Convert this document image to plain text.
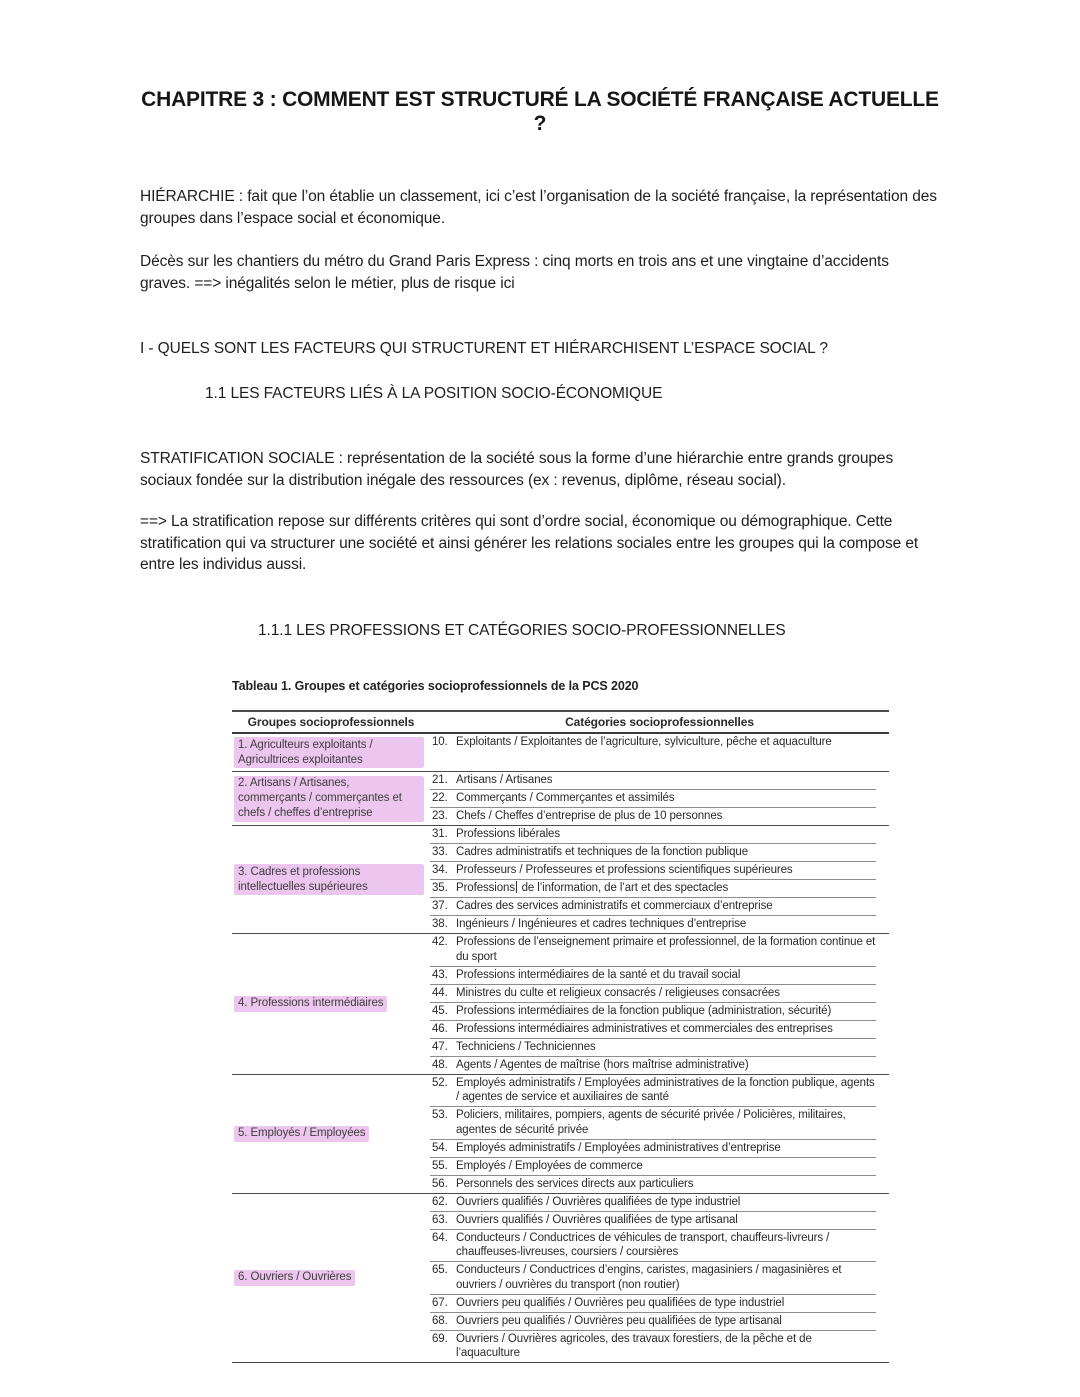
CHAPITRE 3 : COMMENT EST STRUCTURÉ LA SOCIÉTÉ FRANÇAISE ACTUELLE ?

HIÉRARCHIE : fait que l’on établie un classement, ici c’est l’organisation de la société française, la représentation des groupes dans l’espace social et économique.

Décès sur les chantiers du métro du Grand Paris Express : cinq morts en trois ans et une vingtaine d’accidents graves. ==> inégalités selon le métier, plus de risque ici

I - QUELS SONT LES FACTEURS QUI STRUCTURENT ET HIÉRARCHISENT L’ESPACE SOCIAL ?

1.1 LES FACTEURS LIÉS À LA POSITION SOCIO-ÉCONOMIQUE

STRATIFICATION SOCIALE : représentation de la société sous la forme d’une hiérarchie entre grands groupes sociaux fondée sur la distribution inégale des ressources (ex : revenus, diplôme, réseau social).

==> La stratification repose sur différents critères qui sont d’ordre social, économique ou démographique. Cette stratification qui va structurer une société et ainsi générer les relations sociales entre les groupes qui la compose et entre les individus aussi.

1.1.1 LES PROFESSIONS ET CATÉGORIES SOCIO-PROFESSIONNELLES

Tableau 1. Groupes et catégories socioprofessionnels de la PCS 2020

Groupes socioprofessionnels	Catégories socioprofessionnelles
1. Agriculteurs exploitants / Agricultrices exploitantes
10. Exploitants / Exploitantes de l’agriculture, sylviculture, pêche et aquaculture
2. Artisans / Artisanes, commerçants / commerçantes et chefs / cheffes d’entreprise
21. Artisans / Artisanes
22. Commerçants / Commerçantes et assimilés
23. Chefs / Cheffes d’entreprise de plus de 10 personnes
3. Cadres et professions intellectuelles supérieures
31. Professions libérales
33. Cadres administratifs et techniques de la fonction publique
34. Professeurs / Professeures et professions scientifiques supérieures
35. Professions de l’information, de l’art et des spectacles
37. Cadres des services administratifs et commerciaux d’entreprise
38. Ingénieurs / Ingénieures et cadres techniques d’entreprise
4. Professions intermédiaires
42. Professions de l’enseignement primaire et professionnel, de la formation continue et du sport
43. Professions intermédiaires de la santé et du travail social
44. Ministres du culte et religieux consacrés / religieuses consacrées
45. Professions intermédiaires de la fonction publique (administration, sécurité)
46. Professions intermédiaires administratives et commerciales des entreprises
47. Techniciens / Techniciennes
48. Agents / Agentes de maîtrise (hors maîtrise administrative)
5. Employés / Employées
52. Employés administratifs / Employées administratives de la fonction publique, agents / agentes de service et auxiliaires de santé
53. Policiers, militaires, pompiers, agents de sécurité privée / Policières, militaires, agentes de sécurité privée
54. Employés administratifs / Employées administratives d’entreprise
55. Employés / Employées de commerce
56. Personnels des services directs aux particuliers
6. Ouvriers / Ouvrières
62. Ouvriers qualifiés / Ouvrières qualifiées de type industriel
63. Ouvriers qualifiés / Ouvrières qualifiées de type artisanal
64. Conducteurs / Conductrices de véhicules de transport, chauffeurs-livreurs / chauffeuses-livreuses, coursiers / coursières
65. Conducteurs / Conductrices d’engins, caristes, magasiniers / magasinières et ouvriers / ouvrières du transport (non routier)
67. Ouvriers peu qualifiés / Ouvrières peu qualifiées de type industriel
68. Ouvriers peu qualifiés / Ouvrières peu qualifiées de type artisanal
69. Ouvriers / Ouvrières agricoles, des travaux forestiers, de la pêche et de l’aquaculture
